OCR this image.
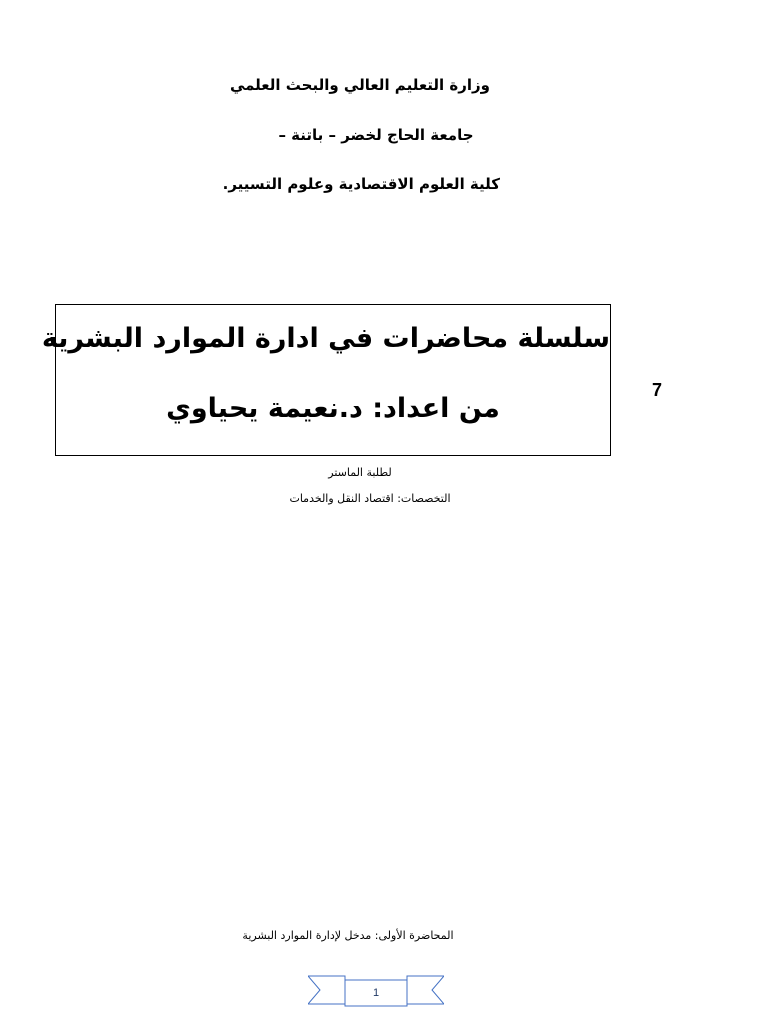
وزارة التعليم العالي والبحث العلمي
جامعة الحاج لخضر – باتنة –
كلية العلوم الاقتصادية وعلوم التسيير.
سلسلة محاضرات في ادارة الموارد البشرية
من اعداد: د.نعيمة يحياوي
7
لطلبة الماستر
التخصصات: اقتصاد النقل والخدمات
المحاضرة الأولى: مدخل لإدارة الموارد البشرية
1
